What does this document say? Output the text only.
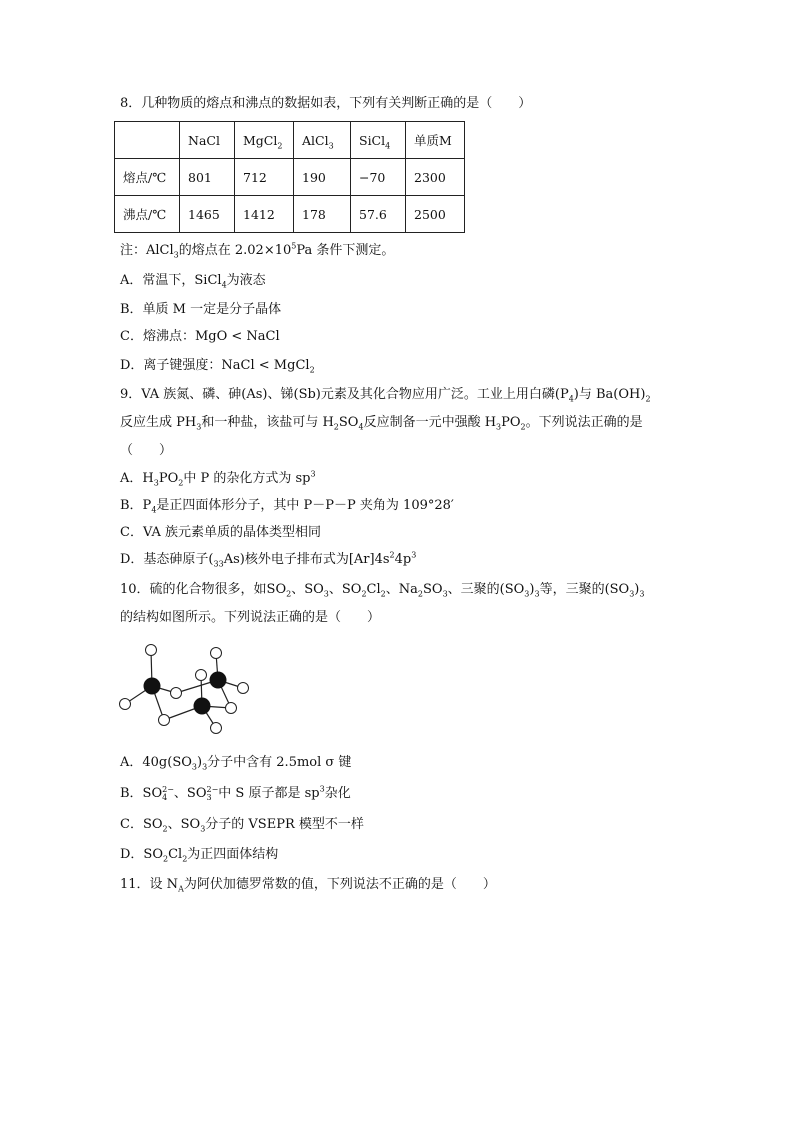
8．几种物质的熔点和沸点的数据如表，下列有关判断正确的是（　　）
	NaCl	MgCl$_2$	AlCl$_3$	SiCl$_4$	单质M
熔点/℃	801	712	190	−70	2300
沸点/℃	1465	1412	178	57.6	2500
注：AlCl$_3$的熔点在 $2.02\times 10^5Pa$ 条件下测定。
A．常温下，SiCl$_4$为液态
B．单质 M 一定是分子晶体
C．熔沸点：MgO < NaCl
D．离子键强度：NaCl < MgCl$_2$
9．VA 族氮、磷、砷(As)、锑(Sb)元素及其化合物应用广泛。工业上用白磷$(P_4)$与 $Ba(OH)_2$
反应生成 $PH_3$和一种盐，该盐可与 $H_2SO_4$反应制备一元中强酸 $H_3PO_2$。下列说法正确的是
（　　）
A．$H_3PO_2$中 P 的杂化方式为 $sp^3$
B．$P_4$是正四面体形分子，其中 P－P－P 夹角为 109°28′
C．VA 族元素单质的晶体类型相同
D．基态砷原子$(_{33}As)$核外电子排布式为$[Ar]4s^24p^3$
10．硫的化合物很多，如$SO_2$、$SO_3$、$SO_2Cl_2$、$Na_2SO_3$、三聚的$(SO_3)_3$等，三聚的$(SO_3)_3$
的结构如图所示。下列说法正确的是（　　）
A．$40g(SO_3)_3$分子中含有 2.5mol σ 键
B．SO 2−
4 、SO 2−
3 中 S 原子都是 $sp^3$杂化
C．$SO_2$、$SO_3$分子的 VSEPR 模型不一样
D．$SO_2Cl_2$为正四面体结构
11．设 $N_A$为阿伏加德罗常数的值，下列说法不正确的是（　　）
